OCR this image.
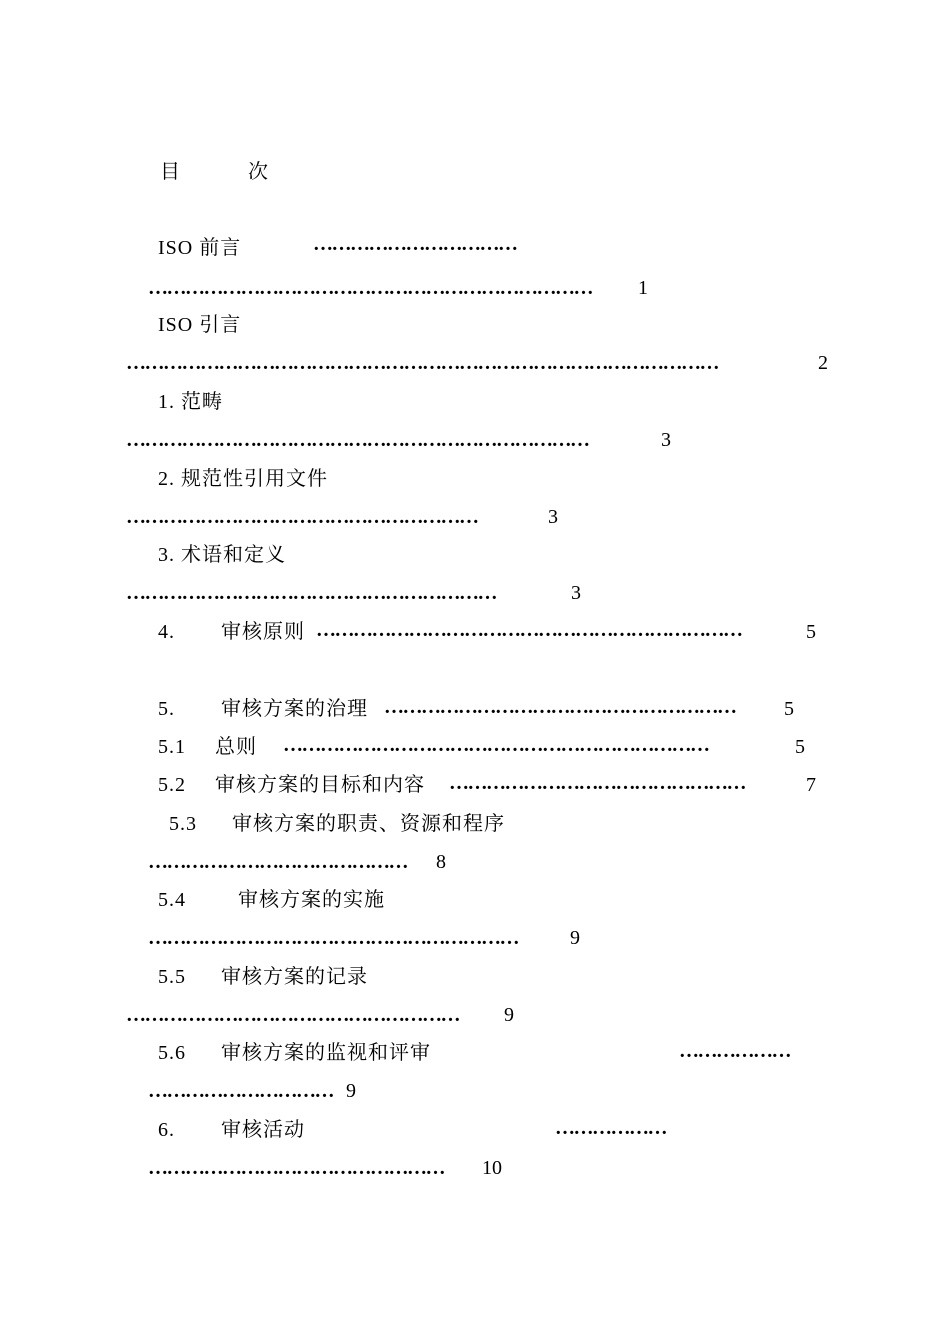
目	次
ISO 前言	……………………………
………………………………………………………………	1
ISO 引言
……………………………………………………………………………………	2
1. 范畴
…………………………………………………………………	3
2. 规范性引用文件
…………………………………………………	3
3. 术语和定义
……………………………………………………	3
4. 审核原则 ……………………………………………………………	5
5. 审核方案的治理 …………………………………………………	5
5.1 总则 ……………………………………………………………	5
5.2 审核方案的目标和内容 …………………………………………	7
5.3 审核方案的职责、资源和程序
……………………………………	8
5.4	审核方案的实施
……………………………………………………	9
5.5 审核方案的记录
………………………………………………	9
5.6 审核方案的监视和评审	………………
………………………… 9
6. 审核活动	………………
…………………………………………	10
